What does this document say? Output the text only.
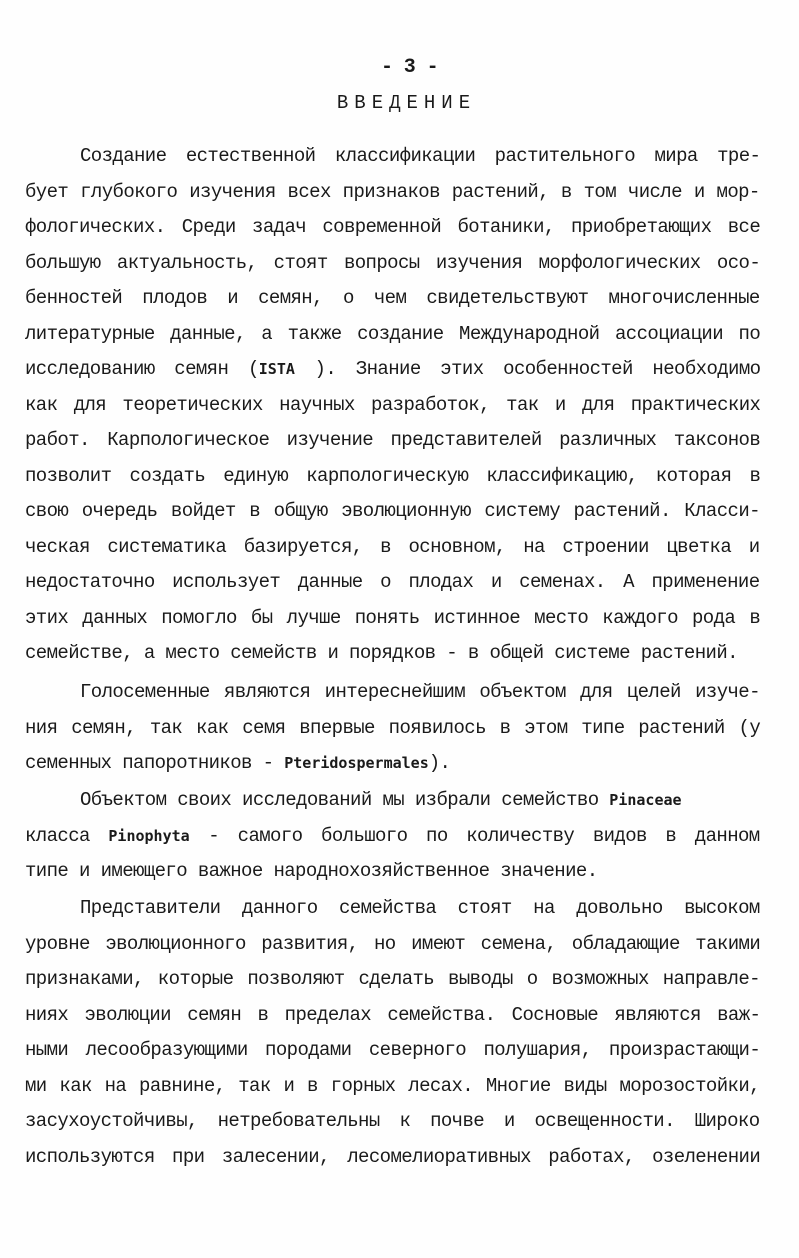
- 3 -
ВВЕДЕНИЕ
Создание естественной классификации растительного мира тре-
бует глубокого изучения всех признаков растений, в том числе и мор-
фологических. Среди задач современной ботаники, приобретающих все
большую актуальность, стоят вопросы изучения морфологических осо-
бенностей плодов и семян, о чем свидетельствуют многочисленные
литературные данные, а также создание Международной ассоциации по
исследованию семян (ISTA ). Знание этих особенностей необходимо
как для теоретических научных разработок, так и для практических
работ. Карпологическое изучение представителей различных таксонов
позволит создать единую карпологическую классификацию, которая в
свою очередь войдет в общую эволюционную систему растений. Класси-
ческая систематика базируется, в основном, на строении цветка и
недостаточно использует данные о плодах и семенах. А применение
этих данных помогло бы лучше понять истинное место каждого рода в
семействе, а место семейств и порядков - в общей системе растений.
Голосеменные являются интереснейшим объектом для целей изуче-
ния семян, так как семя впервые появилось в этом типе растений (у
семенных папоротников - Pteridospermales).
Объектом своих исследований мы избрали семейство Pinaceae
класса Pinophyta - самого большого по количеству видов в данном
типе и имеющего важное народнохозяйственное значение.
Представители данного семейства стоят на довольно высоком
уровне эволюционного развития, но имеют семена, обладающие такими
признаками, которые позволяют сделать выводы о возможных направле-
ниях эволюции семян в пределах семейства. Сосновые являются важ-
ными лесообразующими породами северного полушария, произрастающи-
ми как на равнине, так и в горных лесах. Многие виды морозостойки,
засухоустойчивы, нетребовательны к почве и освещенности. Широко
используются при залесении, лесомелиоративных работах, озеленении
